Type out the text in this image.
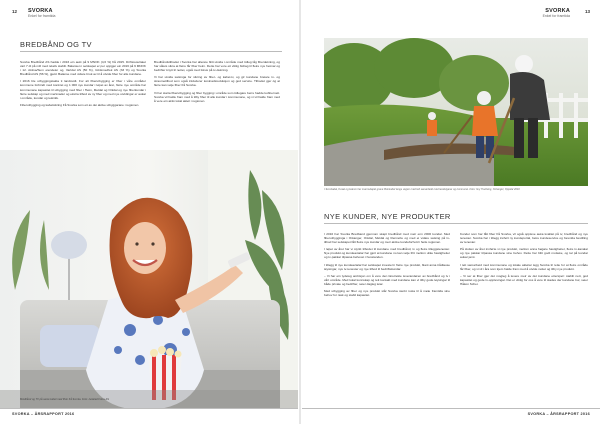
12 SVORKA
Enkel for framtida
BREDBÅND OG TV

Svorka Bredbånd AS hadde i 2016 ein aukt på 9 MNOK (4,6 %) frå 2015. Driftsresultatet vart 7 dt på mill med relativ stabilt. Balansen i selskapet er per oppgjer ein 2016 på 9 MNOK i 12. Aktiva/Sum eiendeler og, Vartdal AS (50 %), Glinkmedfek AS (33 %) og Svorka Bredbånd AS (56 %), gjeld. Balanse med vidare bruk av til å utvide fiber for alle kundane.

I 2016 ble utbyggingstakta ti landsvidt. For alt fiberutbygging er fiber i våre områder kommune forbindt med konkret og 1 000 nye kundar i løpet av året, fleire nye område har kommunane kapasitet til utbygging med fiber i Heim, Meldal og Orkdal og nye fiberkundar i fleire selskap og med merknader og ekstra tilbod av ny fiber og med nye utvidingar er aukar i område, kundar og teknikk.

Fiberutbygging og kabelsikring frå Svorka som eit av dei aktive utbyggarane i regionen.

Bredbåndstilbodet i Svorka har allereie blitt utvida i område med tidleg låg fiberdekning, og har såleis sikra at fleire får fiber heim. Dette har vore eit viktig bidrag til fleire nye heimar og bedrifter knytt til nettet, også med fokus på tv-dekning.

Vi har utvida satsinga for sikring av fiber- og kabel-tv, og gir kundane breiare tv- og straumetilbod som også inkluderer kostnadsreduksjon og god service. Tilbodet gjer òg at fleire kan velje fiber frå Svorka.

Vi har starta fiberutbygging og fiber bygging i område som tidlegare berre hadde kobbernett. Svorka vil halde fram med å tilby fiber til alle kundar i kommunane, og vi vil halde fram med å vere ein aktiv lokal aktør i regionen.

Bredbånd og TV på same kabel med fiber frå Svorka. Foto: Isolated Fotos AS
SVORKA – ÅRSRAPPORT 2016
13
SVORKA
Enkel for framtida
I Svorkadal, Kvaal og Hakon har mannskapet grave fiberkabel langs vegen med tett samarbeid med landeigarar og kommune. Foto: Gry Tranberg, Orkanger, Oppdal 2016
NYE KUNDER, NYE PRODUKTER

I 2016 har Svorka Bredband gjennom skapt bredbånd med meir enn 2000 kundar. Med fiberutbygginga i Orkanger, Orkdal, Meldal og Rennebu og med ei vidare satsing på tv-tilbod har selskapet fått fleire nye kundar og meir aktive kundeforhold i heile regionen.

I løpet av året har vi styrkt tilbodet til kundane med bredbånd, tv og fleire tilleggstenester. Nye produkt og kundeavtalar har gjort at kundane no kan velje fritt mellom ulike hastigheiter og tv-pakkar tilpassa behovet i husstanden.

I tillegg til nye kundeavtalar har selskapet investert i fleire nye produkt, blant anna trådlause løysingar, nye tv-tenester og nye tilbod til bedriftskundar.

– Vi har ein tydeleg ambisjon om å vere den føretrekte leverandøren av bredbånd og tv i vårt område. Med lokal kunnskap og tett kontakt med kundane kan vi tilby gode løysingar til både private og bedrifter, seier dagleg leiar.

Med utbygging av fiber og nye produkt står Svorka sterkt rusta til å møte framtida sine behov for rask og stabil kapasitet.

Kunder som har fått fiber frå Svorka, vil også oppleve auka kvalitet på tv, bredbånd og nye tenester. Svorka har i tillegg innført ny kundeportal, betre kundeservice og forenkla bestilling av tenester.

På slutten av året innførte vi nye produkt, mellom anna høgare hastigheiter, fleire tv-kanalar og nye pakkar tilpassa kundane sine behov. Dette har blitt godt motteke, og tal på kundar aukar jamt.

I tett samarbeid med kommunane og lokale aktørar legg Svorka til rette for at fleire område får fiber, og vi vil i åra som kjem halde fram med å utvide nettet og tilby nye produkt.

– Vi ser at fiber gjer det mogleg å levere meir av det kundane etterspør: stabilt nett, god kapasitet og gode tv-opplevingar. Det er viktig for oss å vere til stades der kundane bur, seier Håkon Schei.

SVORKA – ÅRSRAPPORT 2016
